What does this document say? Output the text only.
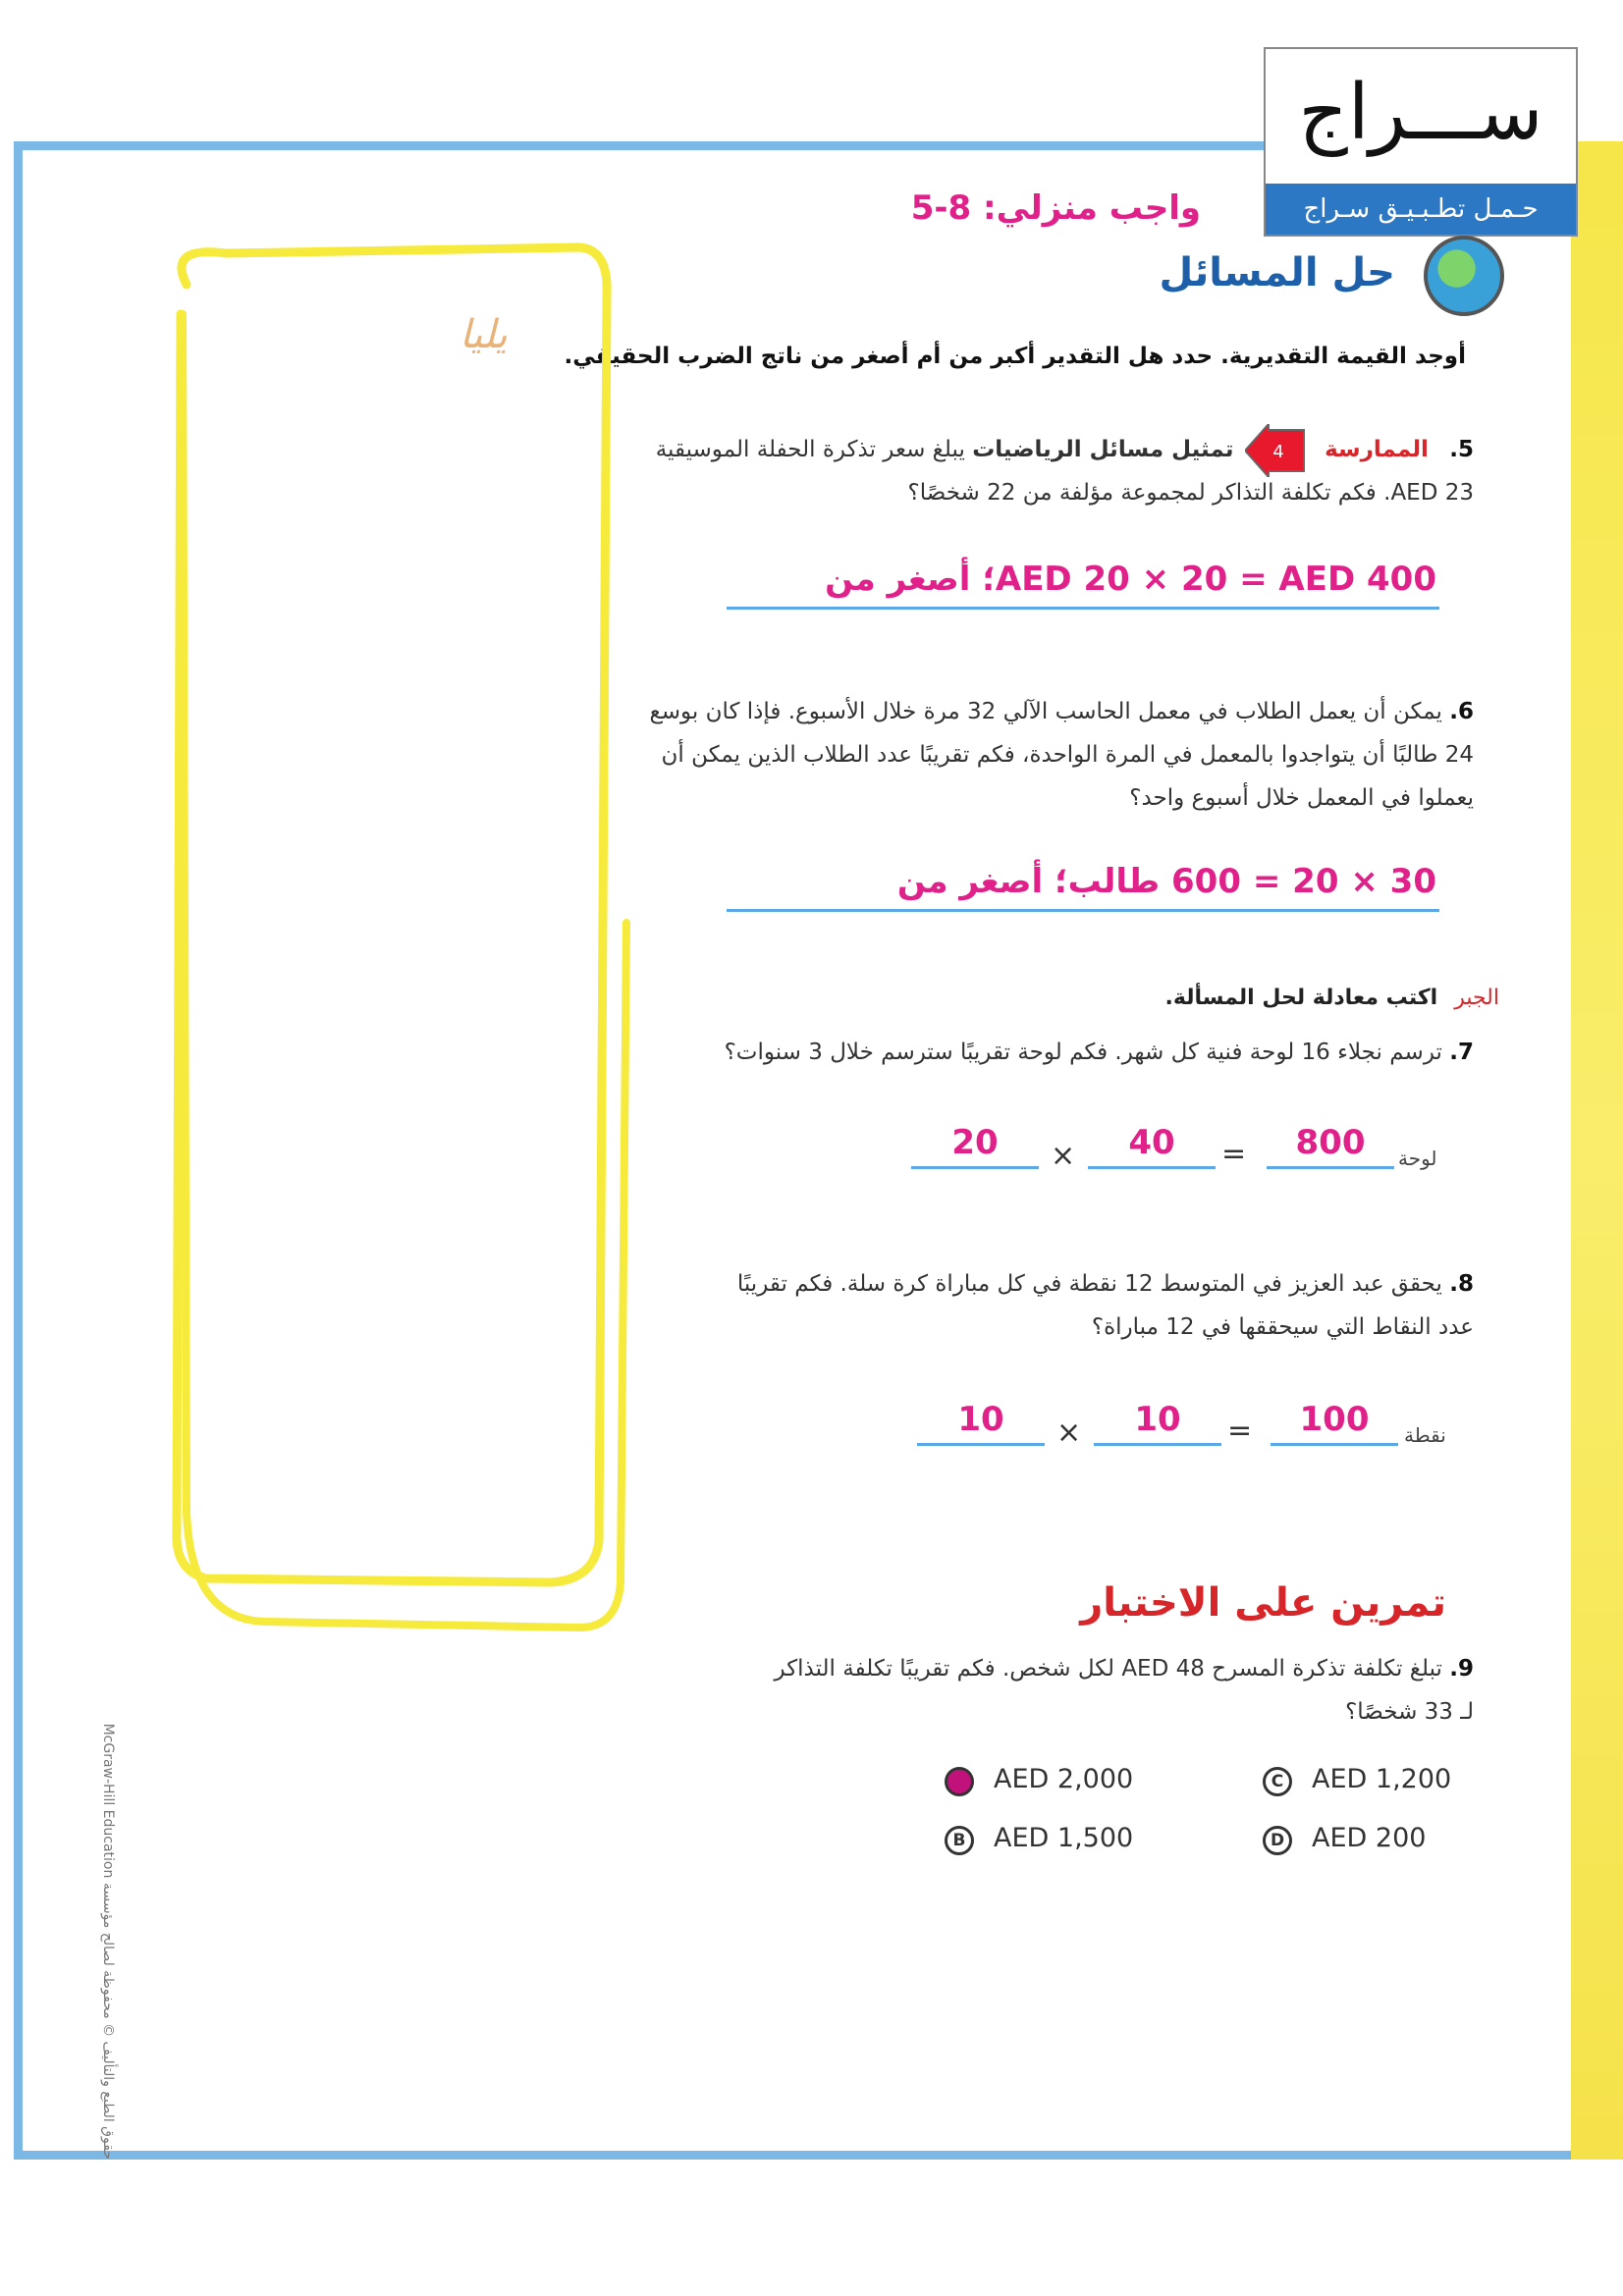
ســـراج
حـمـل تطـبـيـق سـراج
واجب منزلي: 8-5
حل المسائل
أوجد القيمة التقديرية. حدد هل التقدير أكبر من أم أصغر من ناتج الضرب الحقيقي.
يليا
5. الممارسة  تمثيل مسائل الرياضيات يبلغ سعر تذكرة الحفلة الموسيقية
AED 23. فكم تكلفة التذاكر لمجموعة مؤلفة من 22 شخصًا؟
4
AED 20 × 20 = AED 400؛ أصغر من
6. يمكن أن يعمل الطلاب في معمل الحاسب الآلي 32 مرة خلال الأسبوع. فإذا كان بوسع
24 طالبًا أن يتواجدوا بالمعمل في المرة الواحدة، فكم تقريبًا عدد الطلاب الذين يمكن أن
يعملوا في المعمل خلال أسبوع واحد؟
30 × 20 = 600 طالب؛ أصغر من
الجبر اكتب معادلة لحل المسألة.
7. ترسم نجلاء 16 لوحة فنية كل شهر. فكم لوحة تقريبًا سترسم خلال 3 سنوات؟
لوحة
800
=
40
×
20
8. يحقق عبد العزيز في المتوسط 12 نقطة في كل مباراة كرة سلة. فكم تقريبًا
عدد النقاط التي سيحققها في 12 مباراة؟
نقطة
100
=
10
×
10
تمرين على الاختبار
9. تبلغ تكلفة تذكرة المسرح AED 48 لكل شخص. فكم تقريبًا تكلفة التذاكر
لـ 33 شخصًا؟
A	AED 2,000
B	AED 1,500
C	AED 1,200
D AED 200
حقوق الطبع والتأليف © محفوظة لصالح مؤسسة McGraw-Hill Education
